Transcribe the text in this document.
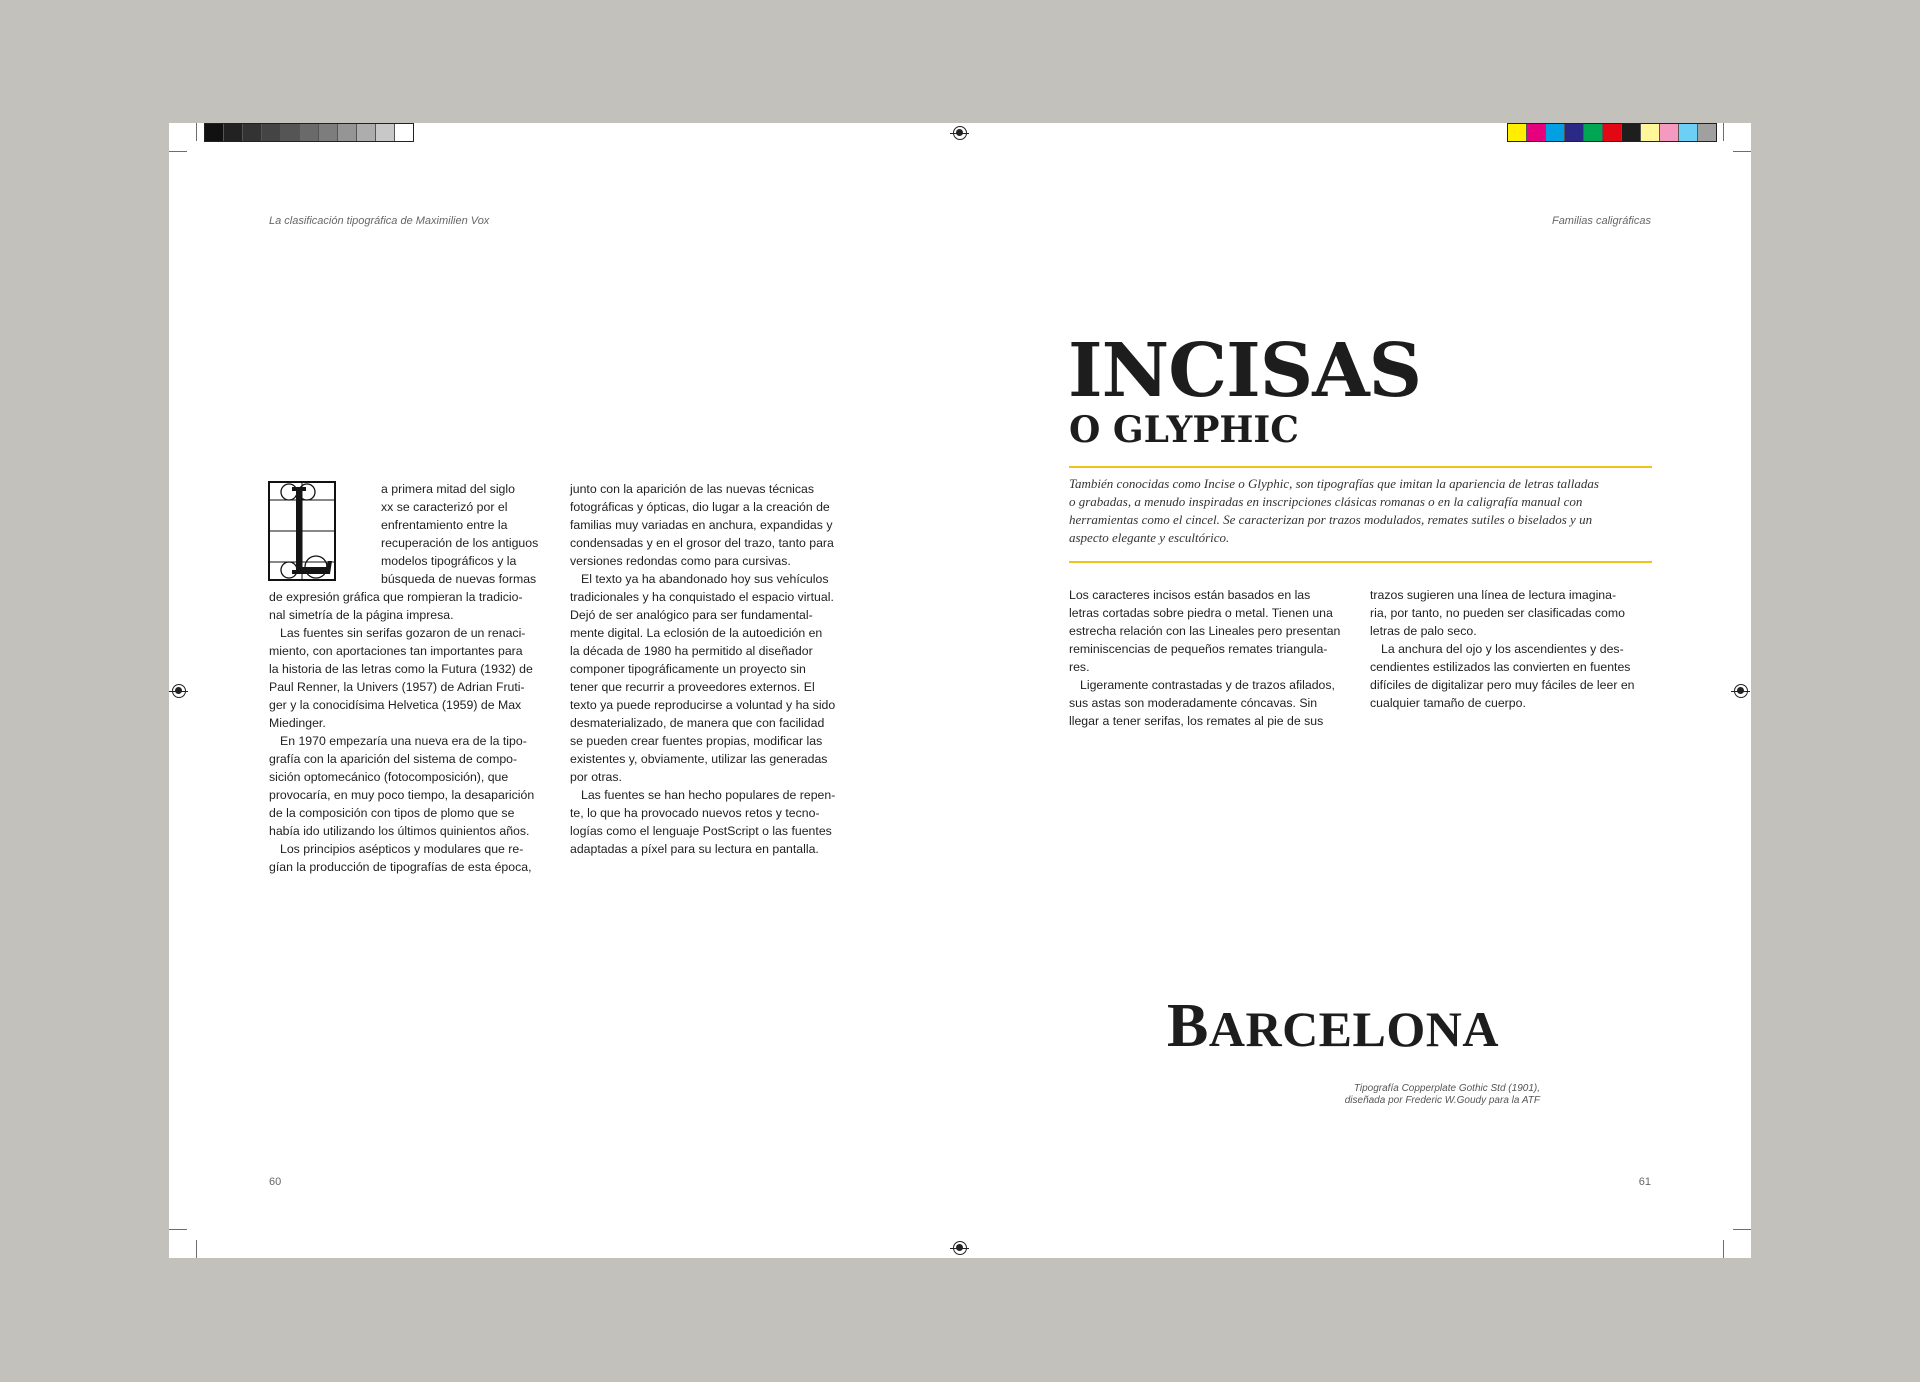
La clasificación tipográfica de Maximilien Vox
a primera mitad del siglo
xx se caracterizó por el
enfrentamiento entre la
recuperación de los antiguos
modelos tipográficos y la
búsqueda de nuevas formas
de expresión gráfica que rompieran la tradicio-
nal simetría de la página impresa.
Las fuentes sin serifas gozaron de un renaci-
miento, con aportaciones tan importantes para
la historia de las letras como la Futura (1932) de
Paul Renner, la Univers (1957) de Adrian Fruti-
ger y la conocidísima Helvetica (1959) de Max
Miedinger.
En 1970 empezaría una nueva era de la tipo-
grafía con la aparición del sistema de compo-
sición optomecánico (fotocomposición), que
provocaría, en muy poco tiempo, la desaparición
de la composición con tipos de plomo que se
había ido utilizando los últimos quinientos años.
Los principios asépticos y modulares que re-
gían la producción de tipografías de esta época,
junto con la aparición de las nuevas técnicas
fotográficas y ópticas, dio lugar a la creación de
familias muy variadas en anchura, expandidas y
condensadas y en el grosor del trazo, tanto para
versiones redondas como para cursivas.
El texto ya ha abandonado hoy sus vehículos
tradicionales y ha conquistado el espacio virtual.
Dejó de ser analógico para ser fundamental-
mente digital. La eclosión de la autoedición en
la década de 1980 ha permitido al diseñador
componer tipográficamente un proyecto sin
tener que recurrir a proveedores externos. El
texto ya puede reproducirse a voluntad y ha sido
desmaterializado, de manera que con facilidad
se pueden crear fuentes propias, modificar las
existentes y, obviamente, utilizar las generadas
por otras.
Las fuentes se han hecho populares de repen-
te, lo que ha provocado nuevos retos y tecno-
logías como el lenguaje PostScript o las fuentes
adaptadas a píxel para su lectura en pantalla.
60
Familias caligráficas
INCISAS
O GLYPHIC
También conocidas como Incise o Glyphic, son tipografías que imitan la apariencia de letras talladas
o grabadas, a menudo inspiradas en inscripciones clásicas romanas o en la caligrafía manual con
herramientas como el cincel. Se caracterizan por trazos modulados, remates sutiles o biselados y un
aspecto elegante y escultórico.
Los caracteres incisos están basados en las
letras cortadas sobre piedra o metal. Tienen una
estrecha relación con las Lineales pero presentan
reminiscencias de pequeños remates triangula-
res.
Ligeramente contrastadas y de trazos afilados,
sus astas son moderadamente cóncavas. Sin
llegar a tener serifas, los remates al pie de sus
trazos sugieren una línea de lectura imagina-
ria, por tanto, no pueden ser clasificadas como
letras de palo seco.
La anchura del ojo y los ascendientes y des-
cendientes estilizados las convierten en fuentes
difíciles de digitalizar pero muy fáciles de leer en
cualquier tamaño de cuerpo.
BARCELONA
Tipografía Copperplate Gothic Std (1901),
diseñada por Frederic W.Goudy para la ATF
61
